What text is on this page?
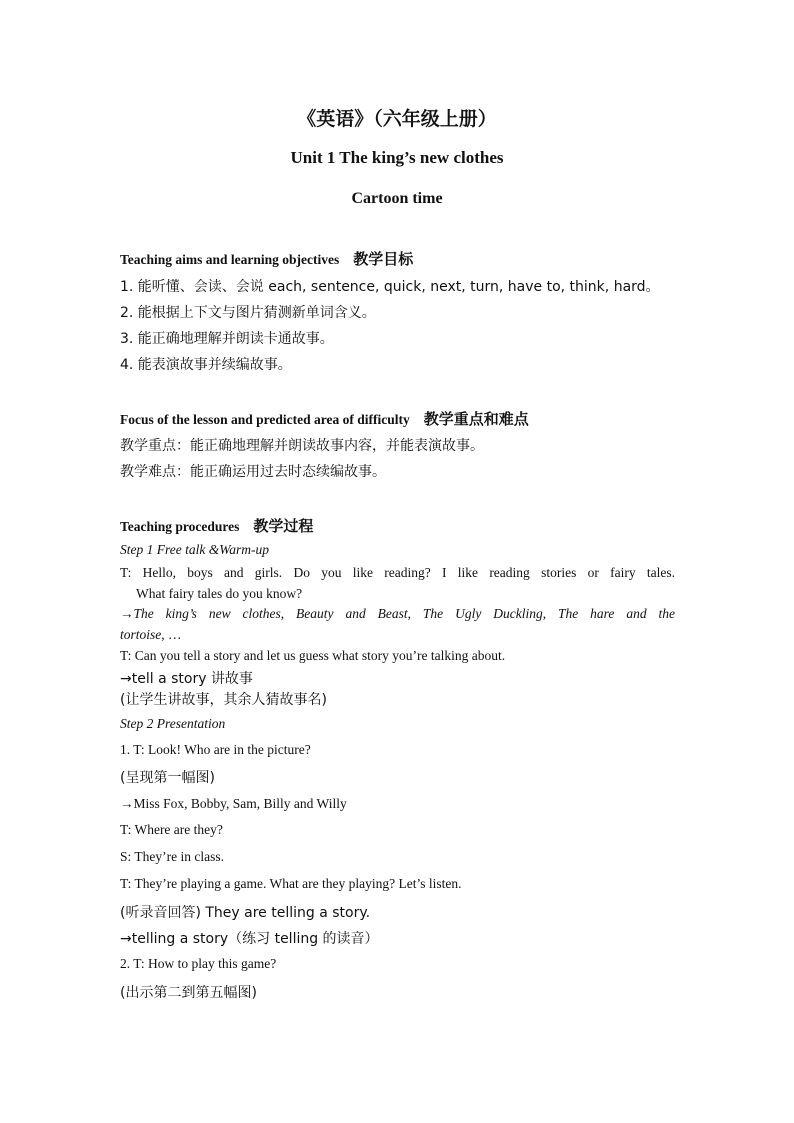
《英语》（六年级上册）
Unit 1 The king’s new clothes
Cartoon time
Teaching aims and learning objectives 教学目标
1. 能听懂、会读、会说 each, sentence, quick, next, turn, have to, think, hard。
2. 能根据上下文与图片猜测新单词含义。
3. 能正确地理解并朗读卡通故事。
4. 能表演故事并续编故事。
Focus of the lesson and predicted area of difficulty 教学重点和难点
教学重点：能正确地理解并朗读故事内容，并能表演故事。
教学难点：能正确运用过去时态续编故事。
Teaching procedures 教学过程
Step 1 Free talk &Warm-up
T: Hello, boys and girls. Do you like reading? I like reading stories or fairy tales.
What fairy tales do you know?
→The king’s new clothes, Beauty and Beast, The Ugly Duckling, The hare and the
tortoise, …
T: Can you tell a story and let us guess what story you’re talking about.
→tell a story 讲故事
(让学生讲故事，其余人猜故事名)
Step 2 Presentation
1. T: Look! Who are in the picture?
(呈现第一幅图)
→Miss Fox, Bobby, Sam, Billy and Willy
T: Where are they?
S: They’re in class.
T: They’re playing a game. What are they playing? Let’s listen.
(听录音回答) They are telling a story.
→telling a story（练习 telling 的读音）
2. T: How to play this game?
(出示第二到第五幅图)
